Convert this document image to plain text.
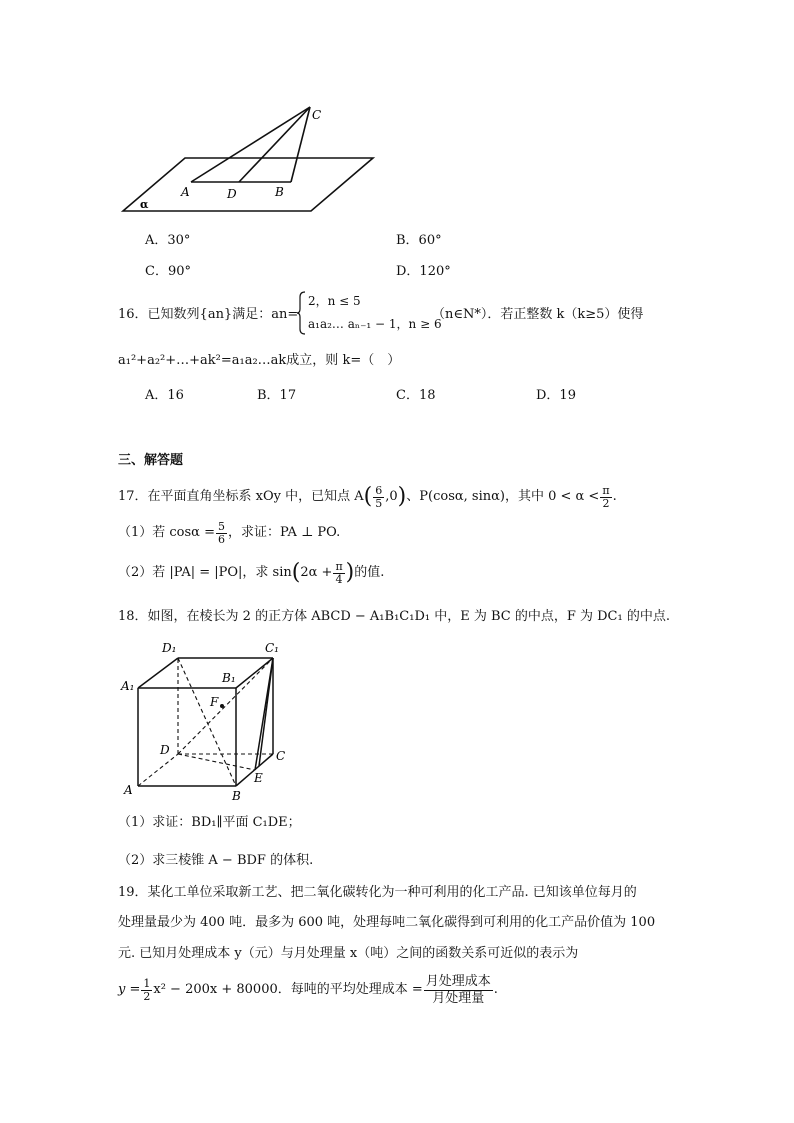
C
A	D	B
α
A．30°	B．60°
C．90°	D．120°
16．已知数列{an}满足：an=
2，n ≤ 5
a₁a₂… aₙ₋₁ − 1，n ≥ 6
（n∈N*）．若正整数 k（k≥5）使得
a₁²+a₂²+…+ak²=a₁a₂…ak成立，则 k=（　）
A．16	B．17	C．18	D．19
三、解答题
17．在平面直角坐标系 xOy 中，已知点 A ( $\frac{6}{5} ,0$ ) 、P(cosα, sinα)，其中 $0 < \alpha < \frac{\pi}{2}$ .
（1）若 $\cos\alpha = \frac{5}{6}$ ，求证：PA ⊥ PO.
（2）若 |PA| = |PO|，求 sin ( $2\alpha + \frac{\pi}{4}$ ) 的值.
18．如图，在棱长为 2 的正方体 ABCD − A₁B₁C₁D₁ 中，E 为 BC 的中点，F 为 DC₁ 的中点.
D₁	C₁
A₁
B₁
F
D	C
E
A	B
（1）求证：BD₁∥平面 C₁DE；
（2）求三棱锥 A − BDF 的体积.
19．某化工单位采取新工艺、把二氧化碳转化为一种可利用的化工产品. 已知该单位每月的
处理量最少为 400 吨．最多为 600 吨，处理每吨二氧化碳得到可利用的化工产品价值为 100
元. 已知月处理成本 y（元）与月处理量 x（吨）之间的函数关系可近似的表示为
$y = \frac{1}{2} x^2 - 200x + 80000$．每吨的平均处理成本 = $\frac{\text{月处理成本}}{\text{月处理量}}$ .
